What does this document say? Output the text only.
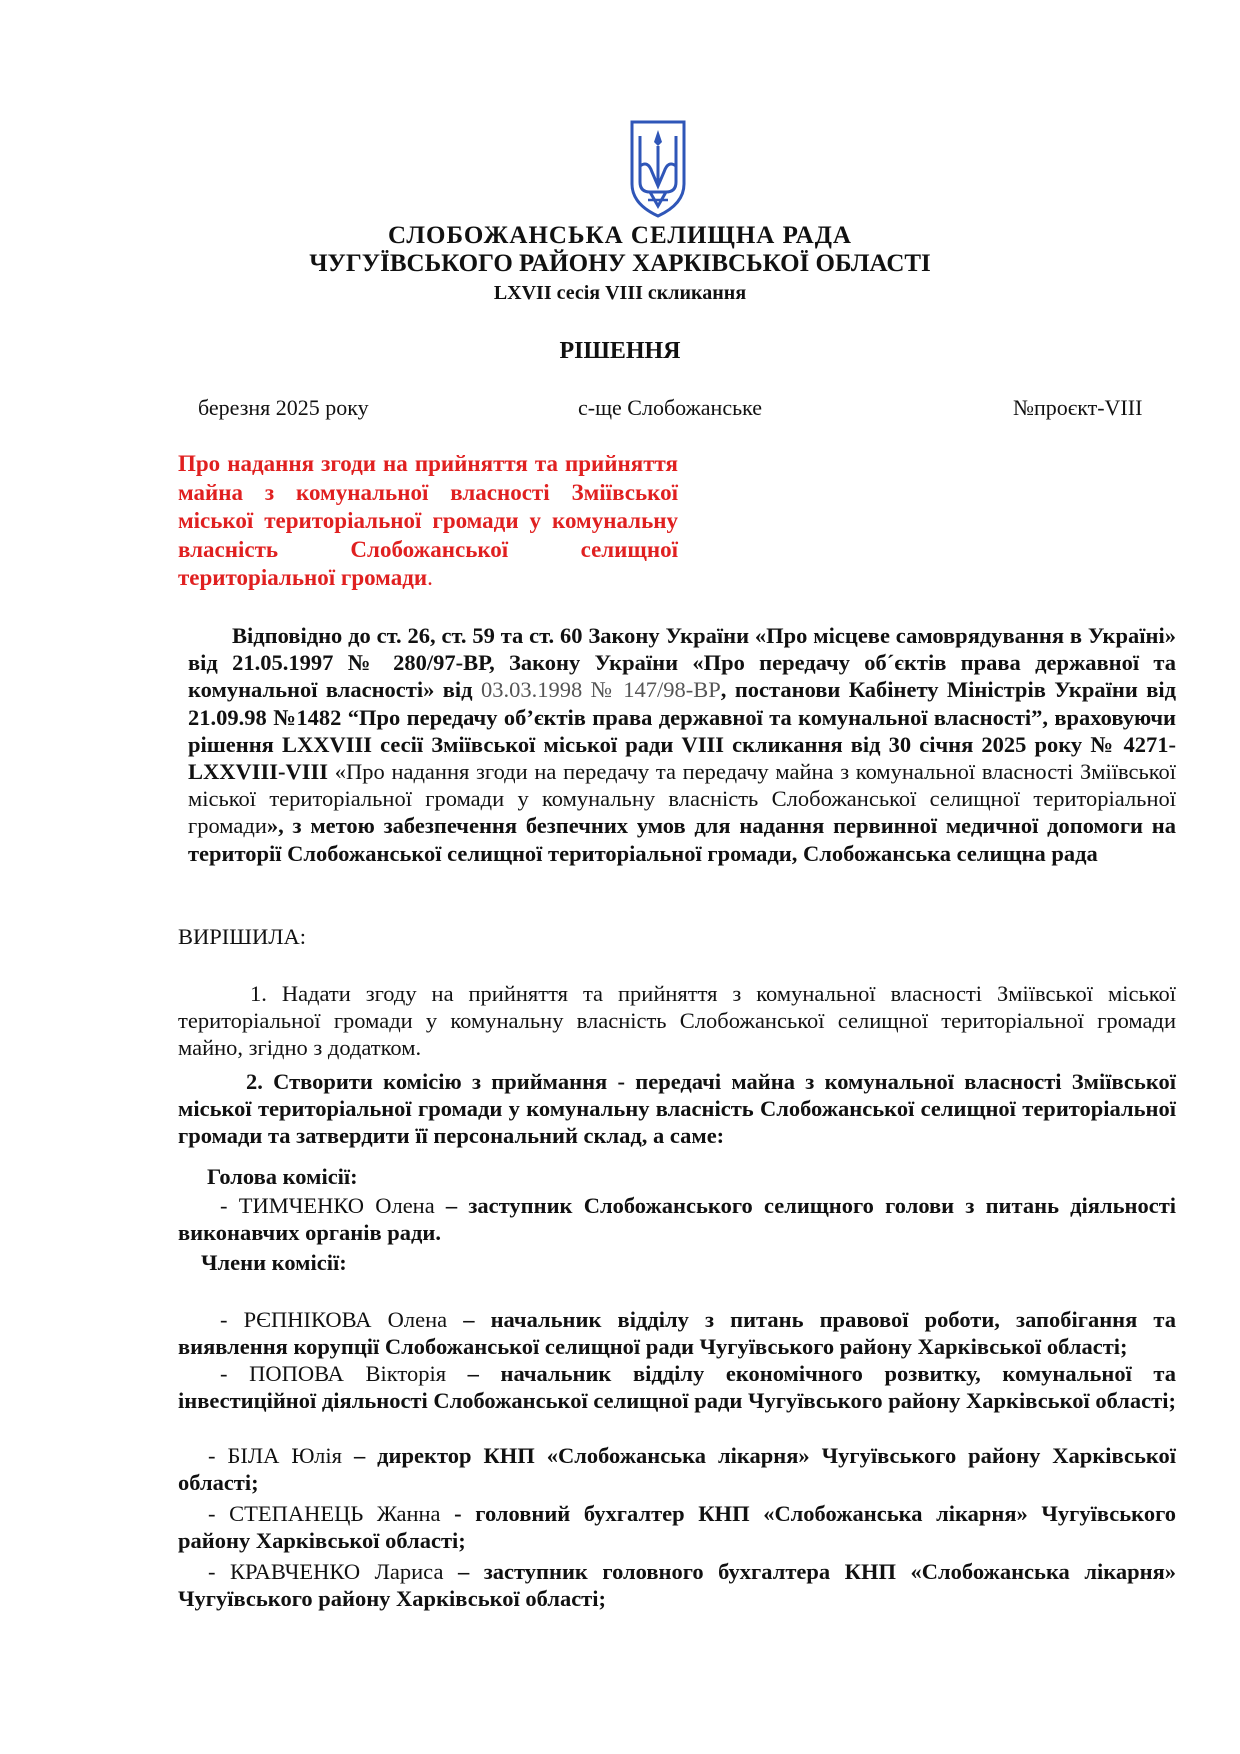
СЛОБОЖАНСЬКА СЕЛИЩНА РАДА
ЧУГУЇВСЬКОГО РАЙОНУ ХАРКІВСЬКОЇ ОБЛАСТІ
LXVII сесія VIII скликання
РІШЕННЯ
березня 2025 року	с-ще Слобожанське	№проєкт-VIII
Про надання згоди на прийняття та прийняття майна з комунальної власності Зміївської міської територіальної громади у комунальну власність Слобожанської селищної територіальної громади.
Відповідно до ст. 26, ст. 59 та ст. 60 Закону України «Про місцеве самоврядування в Україні» від 21.05.1997 № 280/97-ВР, Закону України «Про передачу об´єктів права державної та комунальної власності» від 03.03.1998 № 147/98-ВР, постанови Кабінету Міністрів України від 21.09.98 №1482 “Про передачу об’єктів права державної та комунальної власності”, враховуючи рішення LXXVIII сесії Зміївської міської ради VIII скликання від 30 січня 2025 року № 4271-LXXVIII-VIII «Про надання згоди на передачу та передачу майна з комунальної власності Зміївської міської територіальної громади у комунальну власність Слобожанської селищної територіальної громади», з метою забезпечення безпечних умов для надання первинної медичної допомоги на території Слобожанської селищної територіальної громади, Слобожанська селищна рада
ВИРІШИЛА:
1. Надати згоду на прийняття та прийняття з комунальної власності Зміївської міської територіальної громади у комунальну власність Слобожанської селищної територіальної громади майно, згідно з додатком.
2. Створити комісію з приймання - передачі майна з комунальної власності Зміївської міської територіальної громади у комунальну власність Слобожанської селищної територіальної громади та затвердити її персональний склад, а саме:
Голова комісії:
- ТИМЧЕНКО Олена – заступник Слобожанського селищного голови з питань діяльності виконавчих органів ради.
Члени комісії:
- РЄПНІКОВА Олена – начальник відділу з питань правової роботи, запобігання та виявлення корупції Слобожанської селищної ради Чугуївського району Харківської області;
- ПОПОВА Вікторія – начальник відділу економічного розвитку, комунальної та інвестиційної діяльності Слобожанської селищної ради Чугуївського району Харківської області;
- БІЛА Юлія – директор КНП «Слобожанська лікарня» Чугуївського району Харківської області;
- СТЕПАНЕЦЬ Жанна - головний бухгалтер КНП «Слобожанська лікарня» Чугуївського району Харківської області;
- КРАВЧЕНКО Лариса – заступник головного бухгалтера КНП «Слобожанська лікарня» Чугуївського району Харківської області;
